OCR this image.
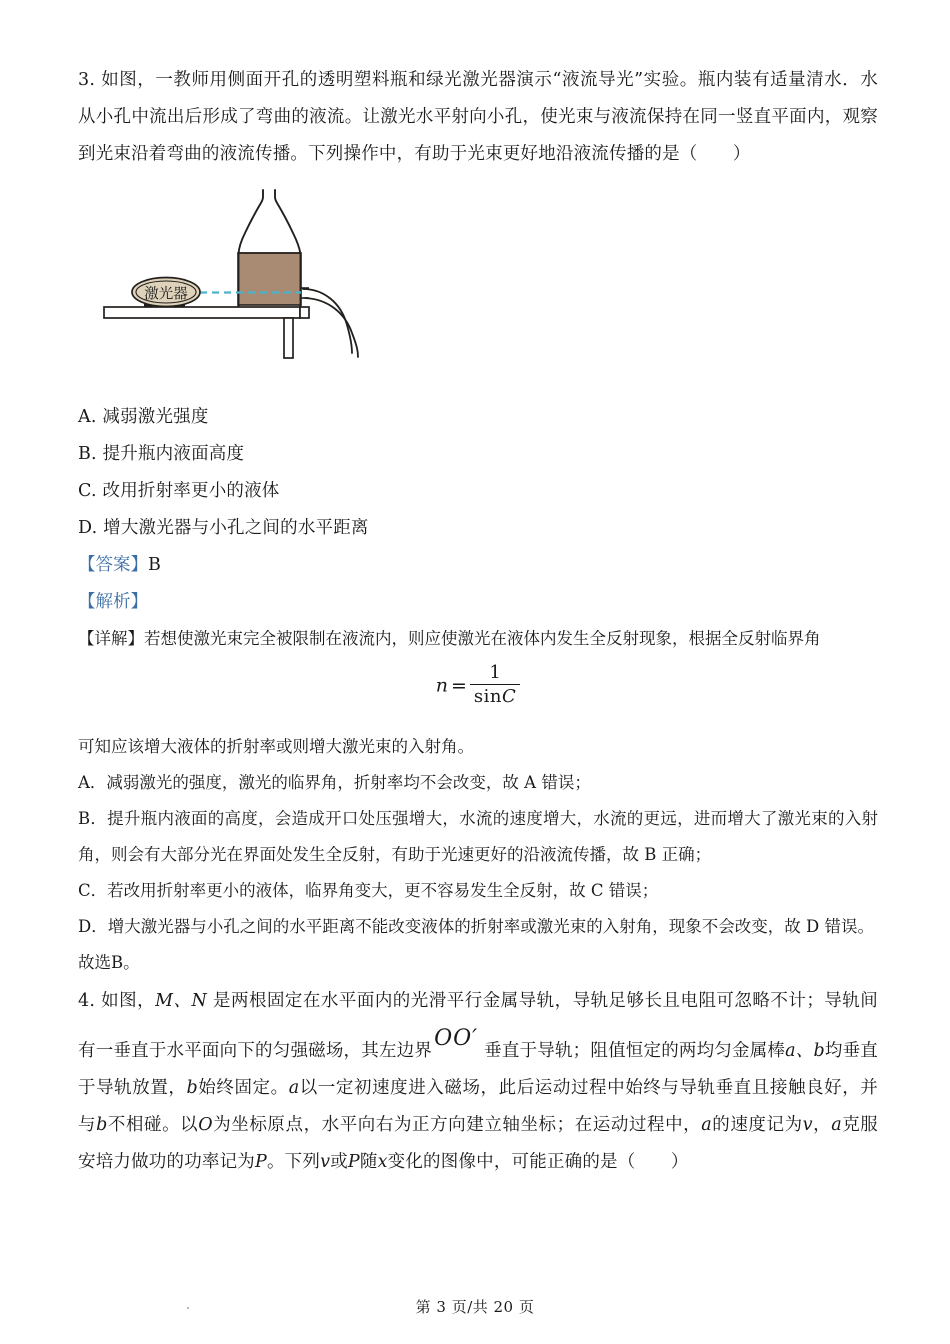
3. 如图，一教师用侧面开孔的透明塑料瓶和绿光激光器演示“液流导光”实验。瓶内装有适量清水．水从小孔中流出后形成了弯曲的液流。让激光水平射向小孔，使光束与液流保持在同一竖直平面内，观察到光束沿着弯曲的液流传播。下列操作中，有助于光束更好地沿液流传播的是（　　）

激光器

A. 减弱激光强度

B. 提升瓶内液面高度

C. 改用折射率更小的液体

D. 增大激光器与小孔之间的水平距离

【答案】B

【解析】

【详解】若想使激光束完全被限制在液流内，则应使激光在液体内发生全反射现象，根据全反射临界角

$n = \frac{1}{\sin C}$

可知应该增大液体的折射率或则增大激光束的入射角。

A．减弱激光的强度，激光的临界角，折射率均不会改变，故 A 错误；

B．提升瓶内液面的高度，会造成开口处压强增大，水流的速度增大，水流的更远，进而增大了激光束的入射角，则会有大部分光在界面处发生全反射，有助于光速更好的沿液流传播，故 B 正确；

C．若改用折射率更小的液体，临界角变大，更不容易发生全反射，故 C 错误；

D．增大激光器与小孔之间的水平距离不能改变液体的折射率或激光束的入射角，现象不会改变，故 D 错误。

故选B。

4. 如图，M、N 是两根固定在水平面内的光滑平行金属导轨，导轨足够长且电阻可忽略不计；导轨间有一垂直于水平面向下的匀强磁场，其左边界OO′ 垂直于导轨；阻值恒定的两均匀金属棒a、b均垂直于导轨放置，b始终固定。a以一定初速度进入磁场，此后运动过程中始终与导轨垂直且接触良好，并与b不相碰。以O为坐标原点，水平向右为正方向建立轴坐标；在运动过程中，a的速度记为v，a克服安培力做功的功率记为P。下列v或P随x变化的图像中，可能正确的是（　　）

第 3 页/共 20 页
